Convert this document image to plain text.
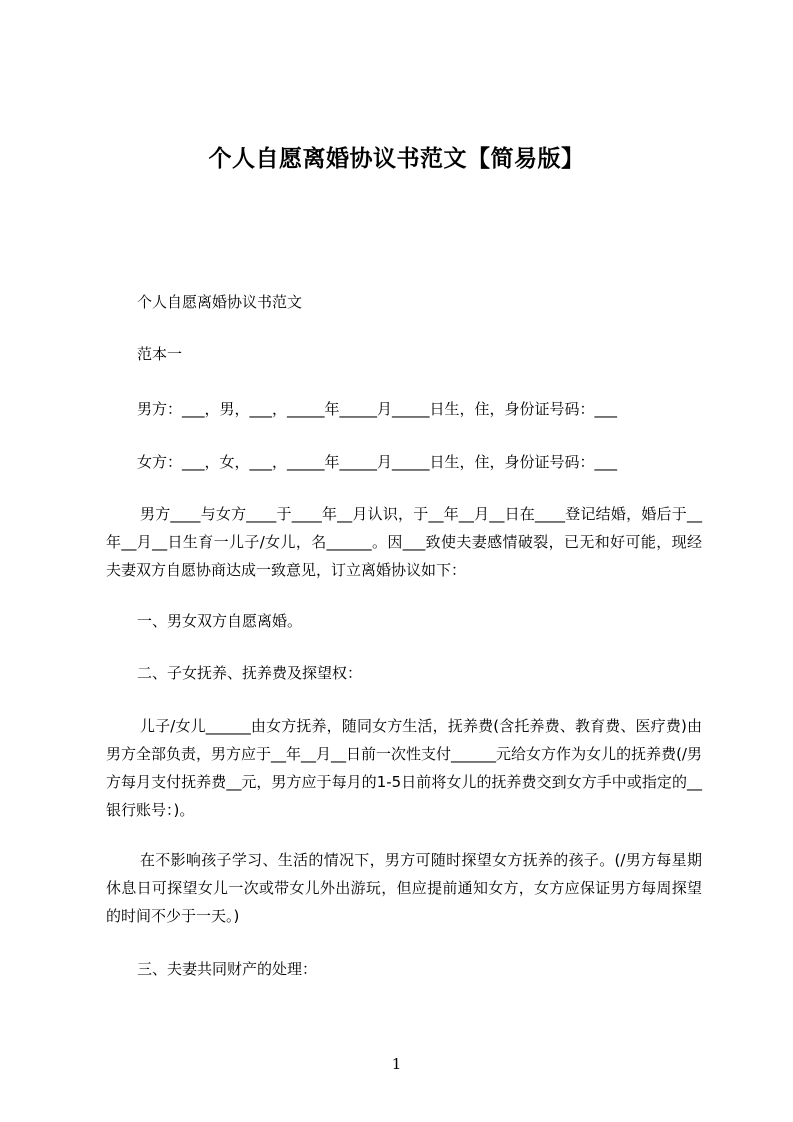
个人自愿离婚协议书范文【简易版】
个人自愿离婚协议书范文
范本一
男方：___，男，___，_____年_____月_____日生，住，身份证号码：___
女方：___，女，___，_____年_____月_____日生，住，身份证号码：___
男方____与女方____于____年__月认识，于__年__月__日在____登记结婚，婚后于__年__月__日生育一儿子/女儿，名______。因___致使夫妻感情破裂，已无和好可能，现经夫妻双方自愿协商达成一致意见，订立离婚协议如下：
一、男女双方自愿离婚。
二、子女抚养、抚养费及探望权：
儿子/女儿______由女方抚养，随同女方生活，抚养费(含托养费、教育费、医疗费)由男方全部负责，男方应于__年__月__日前一次性支付______元给女方作为女儿的抚养费(/男方每月支付抚养费__元，男方应于每月的1-5日前将女儿的抚养费交到女方手中或指定的__银行账号：)。
在不影响孩子学习、生活的情况下，男方可随时探望女方抚养的孩子。(/男方每星期休息日可探望女儿一次或带女儿外出游玩，但应提前通知女方，女方应保证男方每周探望的时间不少于一天。)
三、夫妻共同财产的处理：
1
